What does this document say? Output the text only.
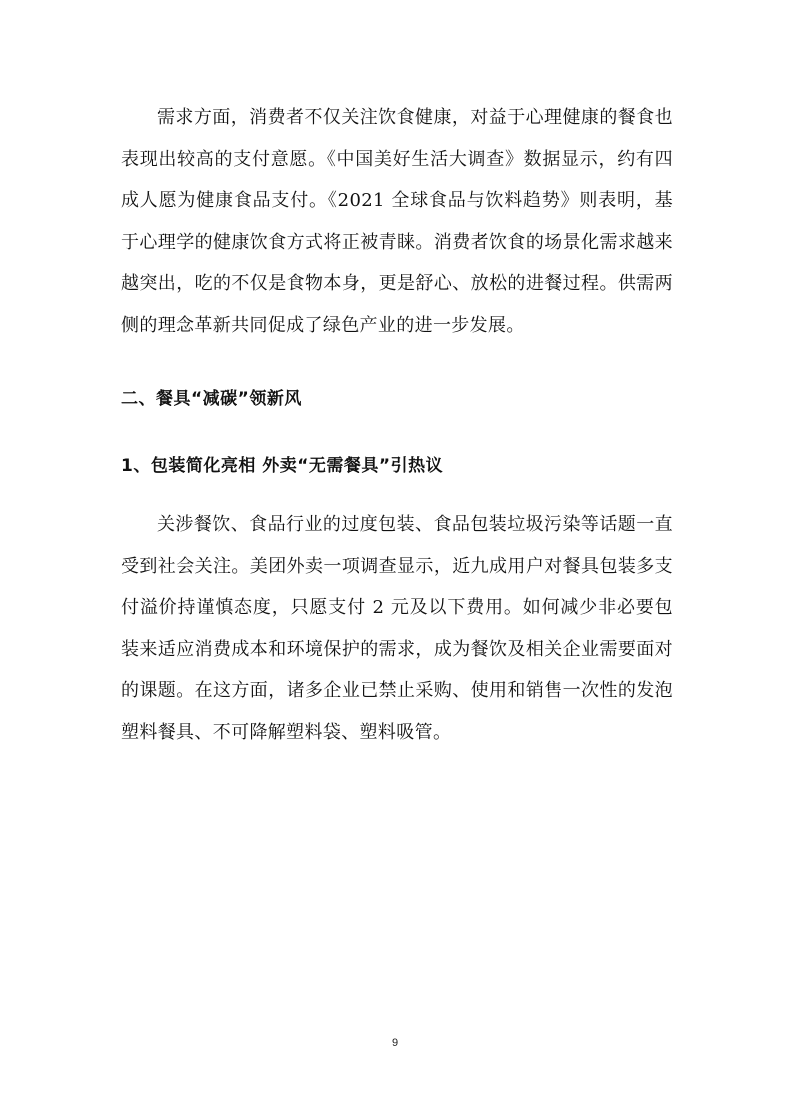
需求方面，消费者不仅关注饮食健康，对益于心理健康的餐食也表现出较高的支付意愿。《中国美好生活大调查》数据显示，约有四成人愿为健康食品支付。《2021 全球食品与饮料趋势》则表明，基于心理学的健康饮食方式将正被青睐。消费者饮食的场景化需求越来越突出，吃的不仅是食物本身，更是舒心、放松的进餐过程。供需两侧的理念革新共同促成了绿色产业的进一步发展。

二、餐具“减碳”领新风
1、包装简化亮相 外卖“无需餐具”引热议

关涉餐饮、食品行业的过度包装、食品包装垃圾污染等话题一直受到社会关注。美团外卖一项调查显示，近九成用户对餐具包装多支付溢价持谨慎态度，只愿支付 2 元及以下费用。如何减少非必要包装来适应消费成本和环境保护的需求，成为餐饮及相关企业需要面对的课题。在这方面，诸多企业已禁止采购、使用和销售一次性的发泡塑料餐具、不可降解塑料袋、塑料吸管。

9
